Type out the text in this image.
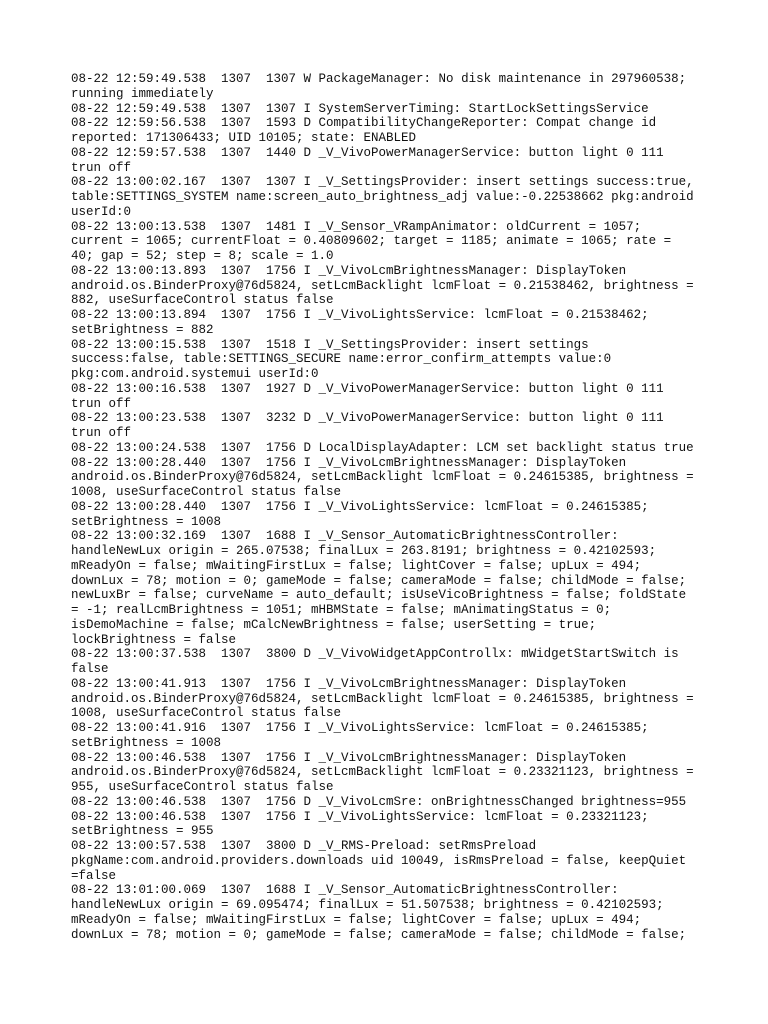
08-22 12:59:49.538  1307  1307 W PackageManager: No disk maintenance in 297960538;
running immediately
08-22 12:59:49.538  1307  1307 I SystemServerTiming: StartLockSettingsService
08-22 12:59:56.538  1307  1593 D CompatibilityChangeReporter: Compat change id
reported: 171306433; UID 10105; state: ENABLED
08-22 12:59:57.538  1307  1440 D _V_VivoPowerManagerService: button light 0 111
trun off
08-22 13:00:02.167  1307  1307 I _V_SettingsProvider: insert settings success:true,
table:SETTINGS_SYSTEM name:screen_auto_brightness_adj value:-0.22538662 pkg:android
userId:0
08-22 13:00:13.538  1307  1481 I _V_Sensor_VRampAnimator: oldCurrent = 1057;
current = 1065; currentFloat = 0.40809602; target = 1185; animate = 1065; rate =
40; gap = 52; step = 8; scale = 1.0
08-22 13:00:13.893  1307  1756 I _V_VivoLcmBrightnessManager: DisplayToken
android.os.BinderProxy@76d5824, setLcmBacklight lcmFloat = 0.21538462, brightness =
882, useSurfaceControl status false
08-22 13:00:13.894  1307  1756 I _V_VivoLightsService: lcmFloat = 0.21538462;
setBrightness = 882
08-22 13:00:15.538  1307  1518 I _V_SettingsProvider: insert settings
success:false, table:SETTINGS_SECURE name:error_confirm_attempts value:0
pkg:com.android.systemui userId:0
08-22 13:00:16.538  1307  1927 D _V_VivoPowerManagerService: button light 0 111
trun off
08-22 13:00:23.538  1307  3232 D _V_VivoPowerManagerService: button light 0 111
trun off
08-22 13:00:24.538  1307  1756 D LocalDisplayAdapter: LCM set backlight status true
08-22 13:00:28.440  1307  1756 I _V_VivoLcmBrightnessManager: DisplayToken
android.os.BinderProxy@76d5824, setLcmBacklight lcmFloat = 0.24615385, brightness =
1008, useSurfaceControl status false
08-22 13:00:28.440  1307  1756 I _V_VivoLightsService: lcmFloat = 0.24615385;
setBrightness = 1008
08-22 13:00:32.169  1307  1688 I _V_Sensor_AutomaticBrightnessController:
handleNewLux origin = 265.07538; finalLux = 263.8191; brightness = 0.42102593;
mReadyOn = false; mWaitingFirstLux = false; lightCover = false; upLux = 494;
downLux = 78; motion = 0; gameMode = false; cameraMode = false; childMode = false;
newLuxBr = false; curveName = auto_default; isUseVicoBrightness = false; foldState
= -1; realLcmBrightness = 1051; mHBMState = false; mAnimatingStatus = 0;
isDemoMachine = false; mCalcNewBrightness = false; userSetting = true;
lockBrightness = false
08-22 13:00:37.538  1307  3800 D _V_VivoWidgetAppControllx: mWidgetStartSwitch is
false
08-22 13:00:41.913  1307  1756 I _V_VivoLcmBrightnessManager: DisplayToken
android.os.BinderProxy@76d5824, setLcmBacklight lcmFloat = 0.24615385, brightness =
1008, useSurfaceControl status false
08-22 13:00:41.916  1307  1756 I _V_VivoLightsService: lcmFloat = 0.24615385;
setBrightness = 1008
08-22 13:00:46.538  1307  1756 I _V_VivoLcmBrightnessManager: DisplayToken
android.os.BinderProxy@76d5824, setLcmBacklight lcmFloat = 0.23321123, brightness =
955, useSurfaceControl status false
08-22 13:00:46.538  1307  1756 D _V_VivoLcmSre: onBrightnessChanged brightness=955
08-22 13:00:46.538  1307  1756 I _V_VivoLightsService: lcmFloat = 0.23321123;
setBrightness = 955
08-22 13:00:57.538  1307  3800 D _V_RMS-Preload: setRmsPreload
pkgName:com.android.providers.downloads uid 10049, isRmsPreload = false, keepQuiet
=false
08-22 13:01:00.069  1307  1688 I _V_Sensor_AutomaticBrightnessController:
handleNewLux origin = 69.095474; finalLux = 51.507538; brightness = 0.42102593;
mReadyOn = false; mWaitingFirstLux = false; lightCover = false; upLux = 494;
downLux = 78; motion = 0; gameMode = false; cameraMode = false; childMode = false;
